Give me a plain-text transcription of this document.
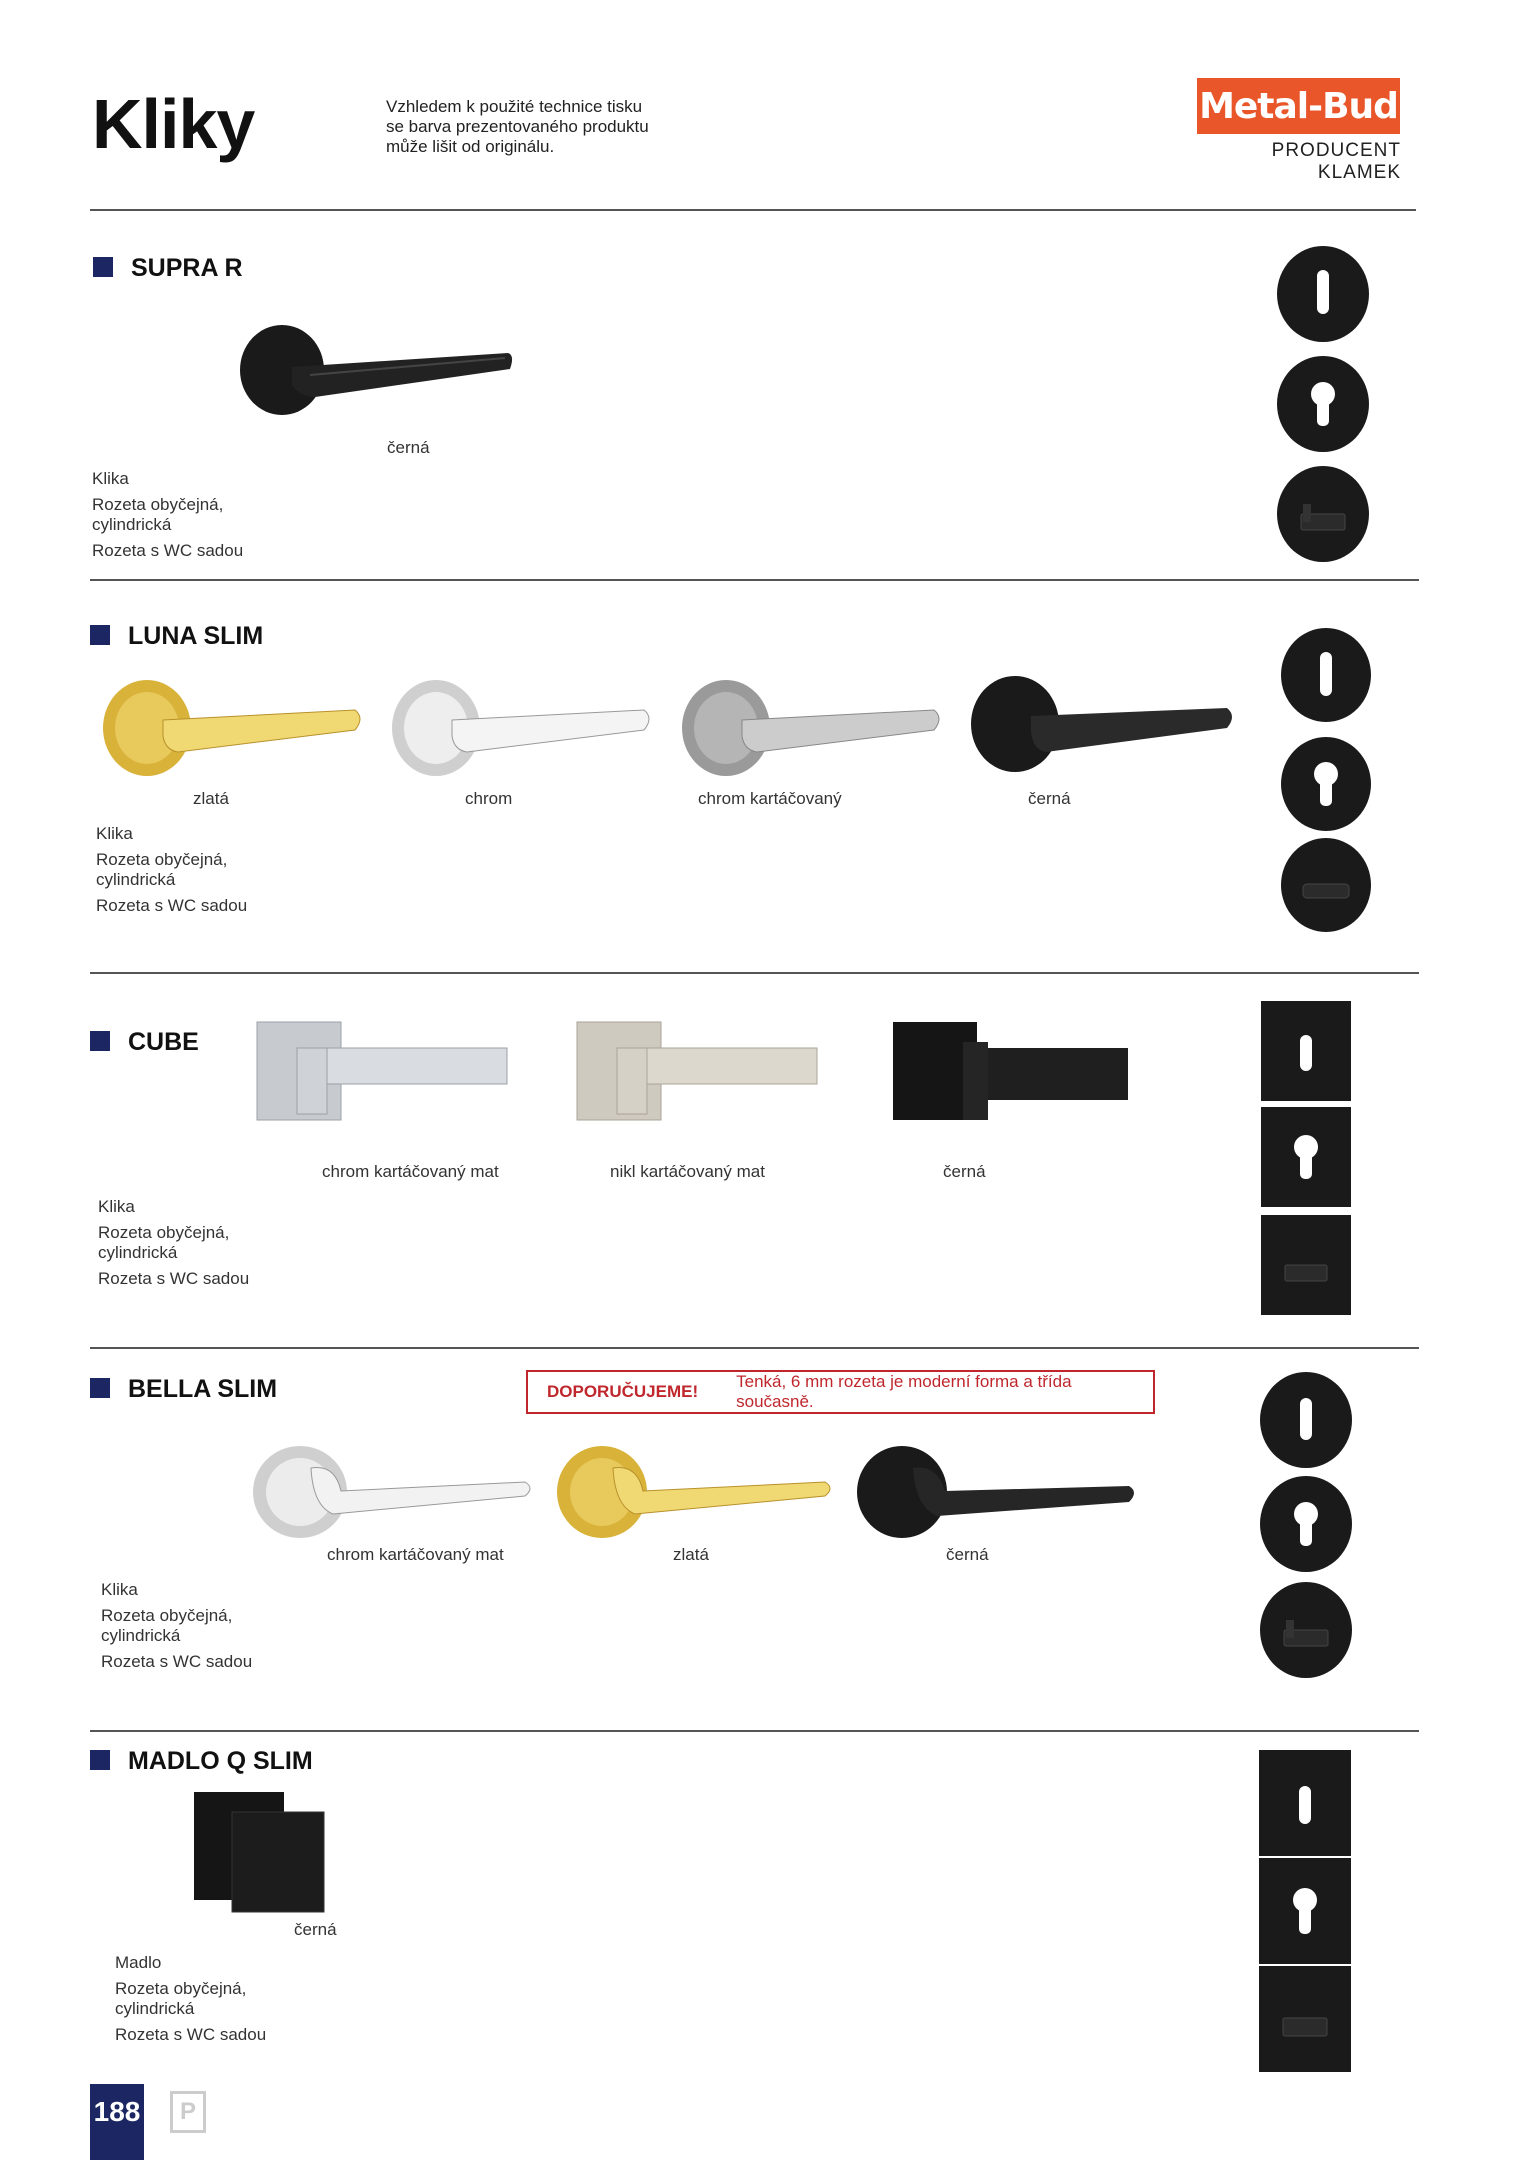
Kliky	Vzhledem k použité technice tisku
se barva prezentovaného produktu
může lišit od originálu.
Metal-Bud
PRODUCENT KLAMEK
SUPRA R
černá
Klika
Rozeta obyčejná,
cylindrická
Rozeta s WC sadou
LUNA SLIM
zlatá	chrom	chrom kartáčovaný	černá
Klika
Rozeta obyčejná,
cylindrická
Rozeta s WC sadou
CUBE
chrom kartáčovaný mat	nikl kartáčovaný mat	černá
Klika
Rozeta obyčejná,
cylindrická
Rozeta s WC sadou
BELLA SLIM	DOPORUČUJEME!
Tenká, 6 mm rozeta je moderní forma a třída současně.
chrom kartáčovaný mat	zlatá	černá
Klika
Rozeta obyčejná,
cylindrická
Rozeta s WC sadou
MADLO Q SLIM
černá
Madlo
Rozeta obyčejná,
cylindrická
Rozeta s WC sadou
188	P
